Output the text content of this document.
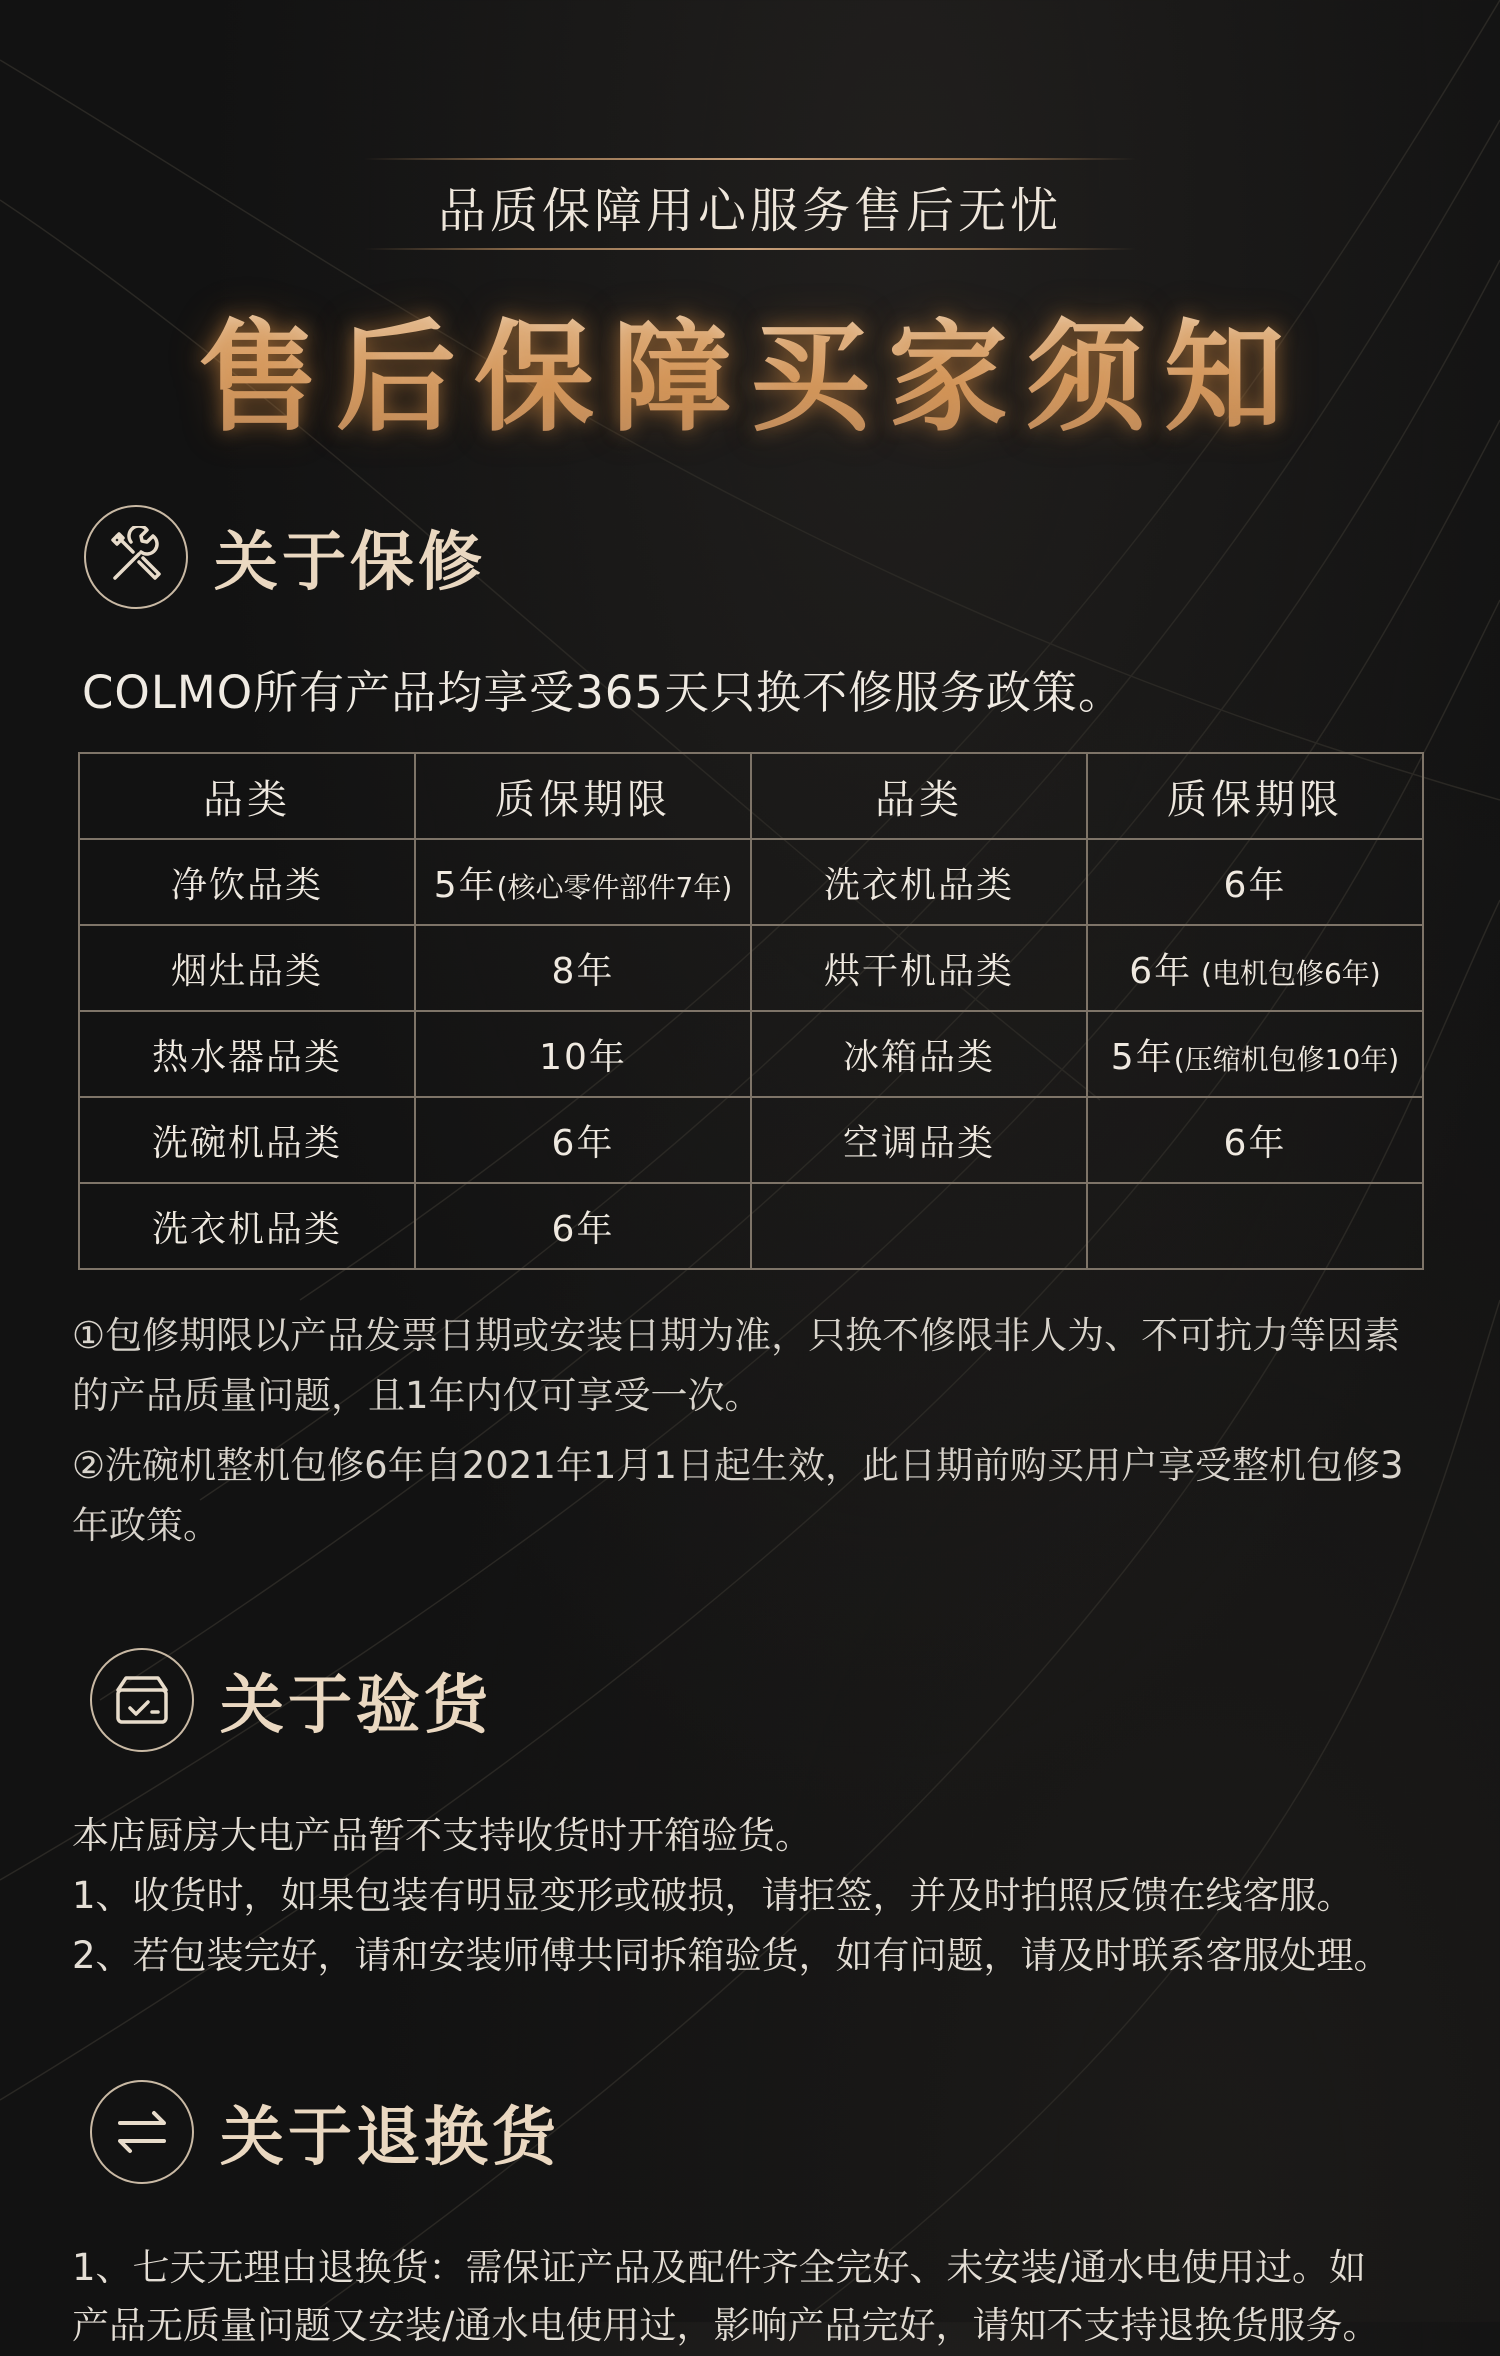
品质保障用心服务售后无忧
售后保障买家须知
关于保修
COLMO所有产品均享受365天只换不修服务政策。
品类	质保期限	品类	质保期限
净饮品类	5年(核心零件部件7年)	洗衣机品类	6年
烟灶品类	8年	烘干机品类	6年 (电机包修6年)
热水器品类	10年	冰箱品类	5年(压缩机包修10年)
洗碗机品类	6年	空调品类	6年
洗衣机品类	6年		
①包修期限以产品发票日期或安装日期为准，只换不修限非人为、不可抗力等因素的产品质量问题，且1年内仅可享受一次。
②洗碗机整机包修6年自2021年1月1日起生效，此日期前购买用户享受整机包修3年政策。
关于验货
本店厨房大电产品暂不支持收货时开箱验货。
1、收货时，如果包装有明显变形或破损，请拒签，并及时拍照反馈在线客服。
2、若包装完好，请和安装师傅共同拆箱验货，如有问题，请及时联系客服处理。
关于退换货
1、七天无理由退换货：需保证产品及配件齐全完好、未安装/通水电使用过。如
产品无质量问题又安装/通水电使用过，影响产品完好，请知不支持退换货服务。
